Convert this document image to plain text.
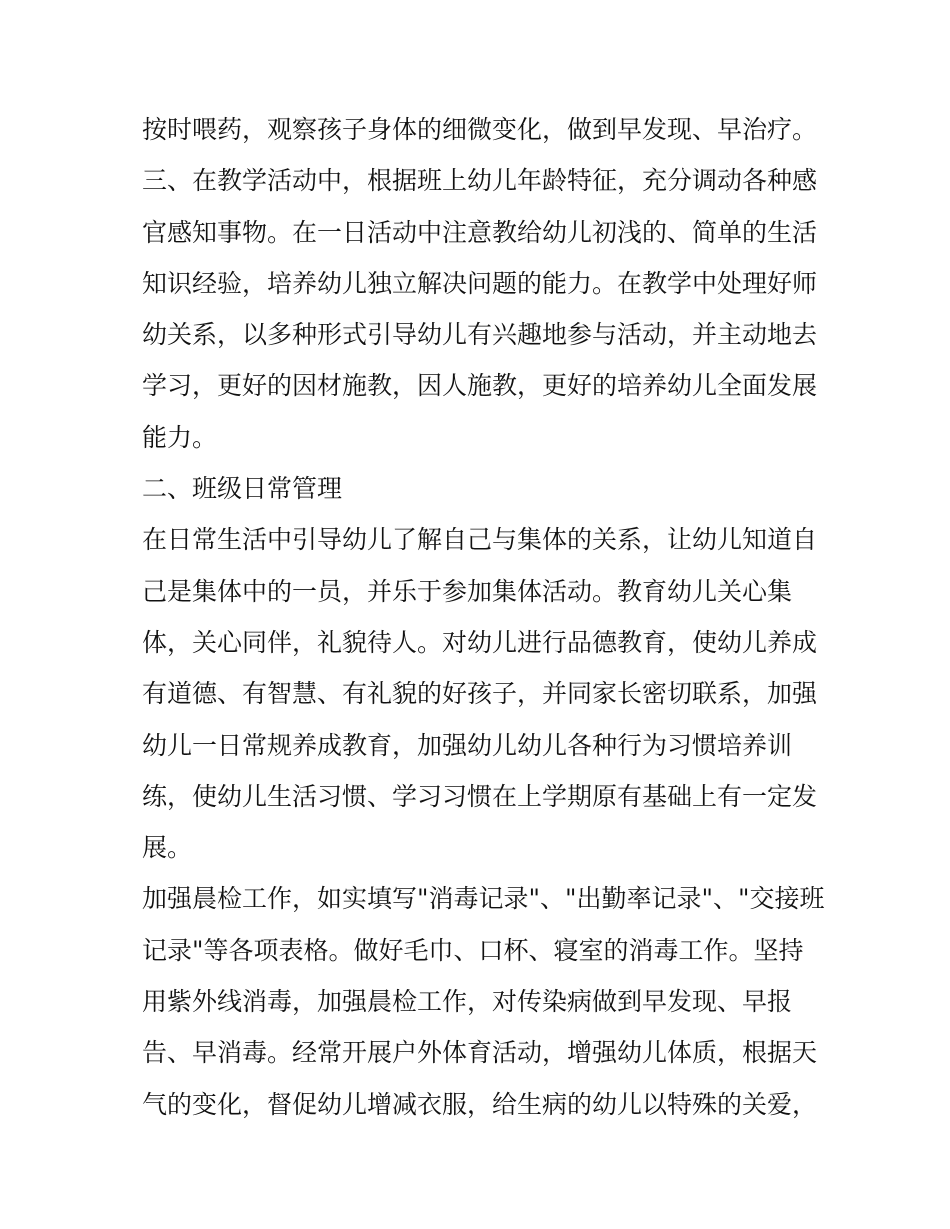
按时喂药，观察孩子身体的细微变化，做到早发现、早治疗。
三、在教学活动中，根据班上幼儿年龄特征，充分调动各种感
官感知事物。在一日活动中注意教给幼儿初浅的、简单的生活
知识经验，培养幼儿独立解决问题的能力。在教学中处理好师
幼关系，以多种形式引导幼儿有兴趣地参与活动，并主动地去
学习，更好的因材施教，因人施教，更好的培养幼儿全面发展
能力。
二、班级日常管理
在日常生活中引导幼儿了解自己与集体的关系，让幼儿知道自
己是集体中的一员，并乐于参加集体活动。教育幼儿关心集
体，关心同伴，礼貌待人。对幼儿进行品德教育，使幼儿养成
有道德、有智慧、有礼貌的好孩子，并同家长密切联系，加强
幼儿一日常规养成教育，加强幼儿幼儿各种行为习惯培养训
练，使幼儿生活习惯、学习习惯在上学期原有基础上有一定发
展。
加强晨检工作，如实填写"消毒记录"、"出勤率记录"、"交接班
记录"等各项表格。做好毛巾、口杯、寝室的消毒工作。坚持
用紫外线消毒，加强晨检工作，对传染病做到早发现、早报
告、早消毒。经常开展户外体育活动，增强幼儿体质，根据天
气的变化，督促幼儿增减衣服，给生病的幼儿以特殊的关爱，
